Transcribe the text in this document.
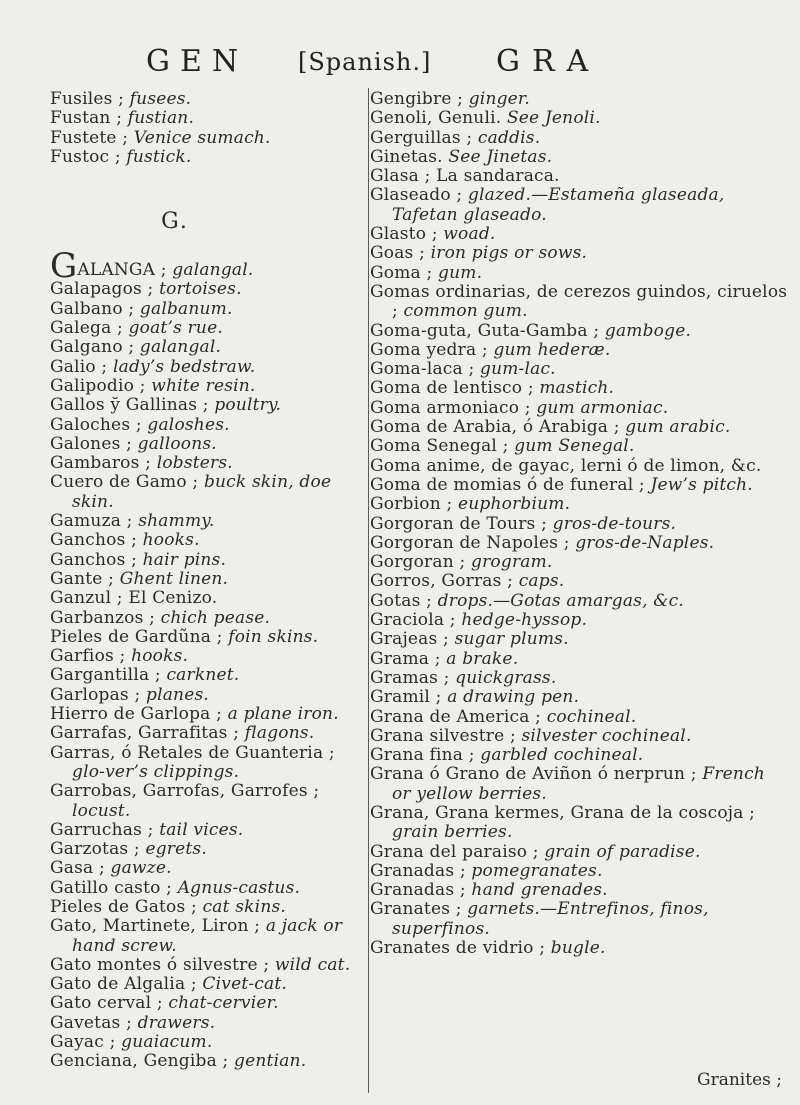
GEN [Spanish.] GRA

Fusiles ; fusees.

Fustan ; fustian.

Fustete ; Venice sumach.

Fustoc ; fustick.

G.

GALANGA ; galangal.

Galapagos ; tortoises.

Galbano ; galbanum.

Galega ; goat’s rue.

Galgano ; galangal.

Galio ; lady’s bedstraw.

Galipodio ; white resin.

Gallos y̆ Gallinas ; poultry.

Galoches ; galoshes.

Galones ; galloons.

Gambaros ; lobsters.

Cuero de Gamo ; buck skin, doe skin.

Gamuza ; shammy.

Ganchos ; hooks.

Ganchos ; hair pins.

Gante ; Ghent linen.

Ganzul ; El Cenizo.

Garbanzos ; chich pease.

Pieles de Gardũna ; foin skins.

Garfios ; hooks.

Gargantilla ; carknet.

Garlopas ; planes.

Hierro de Garlopa ; a plane iron.

Garrafas, Garrafitas ; flagons.

Garras, ó Retales de Guanteria ; glo-ver’s clippings.

Garrobas, Garrofas, Garrofes ; locust.

Garruchas ; tail vices.

Garzotas ; egrets.

Gasa ; gawze.

Gatillo casto ; Agnus-castus.

Pieles de Gatos ; cat skins.

Gato, Martinete, Liron ; a jack or hand screw.

Gato montes ó silvestre ; wild cat.

Gato de Algalia ; Civet-cat.

Gato cerval ; chat-cervier.

Gavetas ; drawers.

Gayac ; guaiacum.

Genciana, Gengiba ; gentian.

Gengibre ; ginger.

Genoli, Genuli. See Jenoli.

Gerguillas ; caddis.

Ginetas. See Jinetas.

Glasa ; La sandaraca.

Glaseado ; glazed.—Estameña glaseada, Tafetan glaseado.

Glasto ; woad.

Goas ; iron pigs or sows.

Goma ; gum.

Gomas ordinarias, de cerezos guindos, ciruelos ; common gum.

Goma-guta, Guta-Gamba ; gamboge.

Goma yedra ; gum hederæ.

Goma-laca ; gum-lac.

Goma de lentisco ; mastich.

Goma armoniaco ; gum armoniac.

Goma de Arabia, ó Arabiga ; gum arabic.

Goma Senegal ; gum Senegal.

Goma anime, de gayac, lerni ó de limon, &c.

Goma de momias ó de funeral ; Jew’s pitch.

Gorbion ; euphorbium.

Gorgoran de Tours ; gros-de-tours.

Gorgoran de Napoles ; gros-de-Naples.

Gorgoran ; grogram.

Gorros, Gorras ; caps.

Gotas ; drops.—Gotas amargas, &c.

Graciola ; hedge-hyssop.

Grajeas ; sugar plums.

Grama ; a brake.

Gramas ; quickgrass.

Gramil ; a drawing pen.

Grana de America ; cochineal.

Grana silvestre ; silvester cochineal.

Grana fina ; garbled cochineal.

Grana ó Grano de Aviñon ó nerprun ; French or yellow berries.

Grana, Grana kermes, Grana de la coscoja ; grain berries.

Grana del paraiso ; grain of paradise.

Granadas ; pomegranates.

Granadas ; hand grenades.

Granates ; garnets.—Entrefinos, finos, superfinos.

Granates de vidrio ; bugle.

Granites ;
